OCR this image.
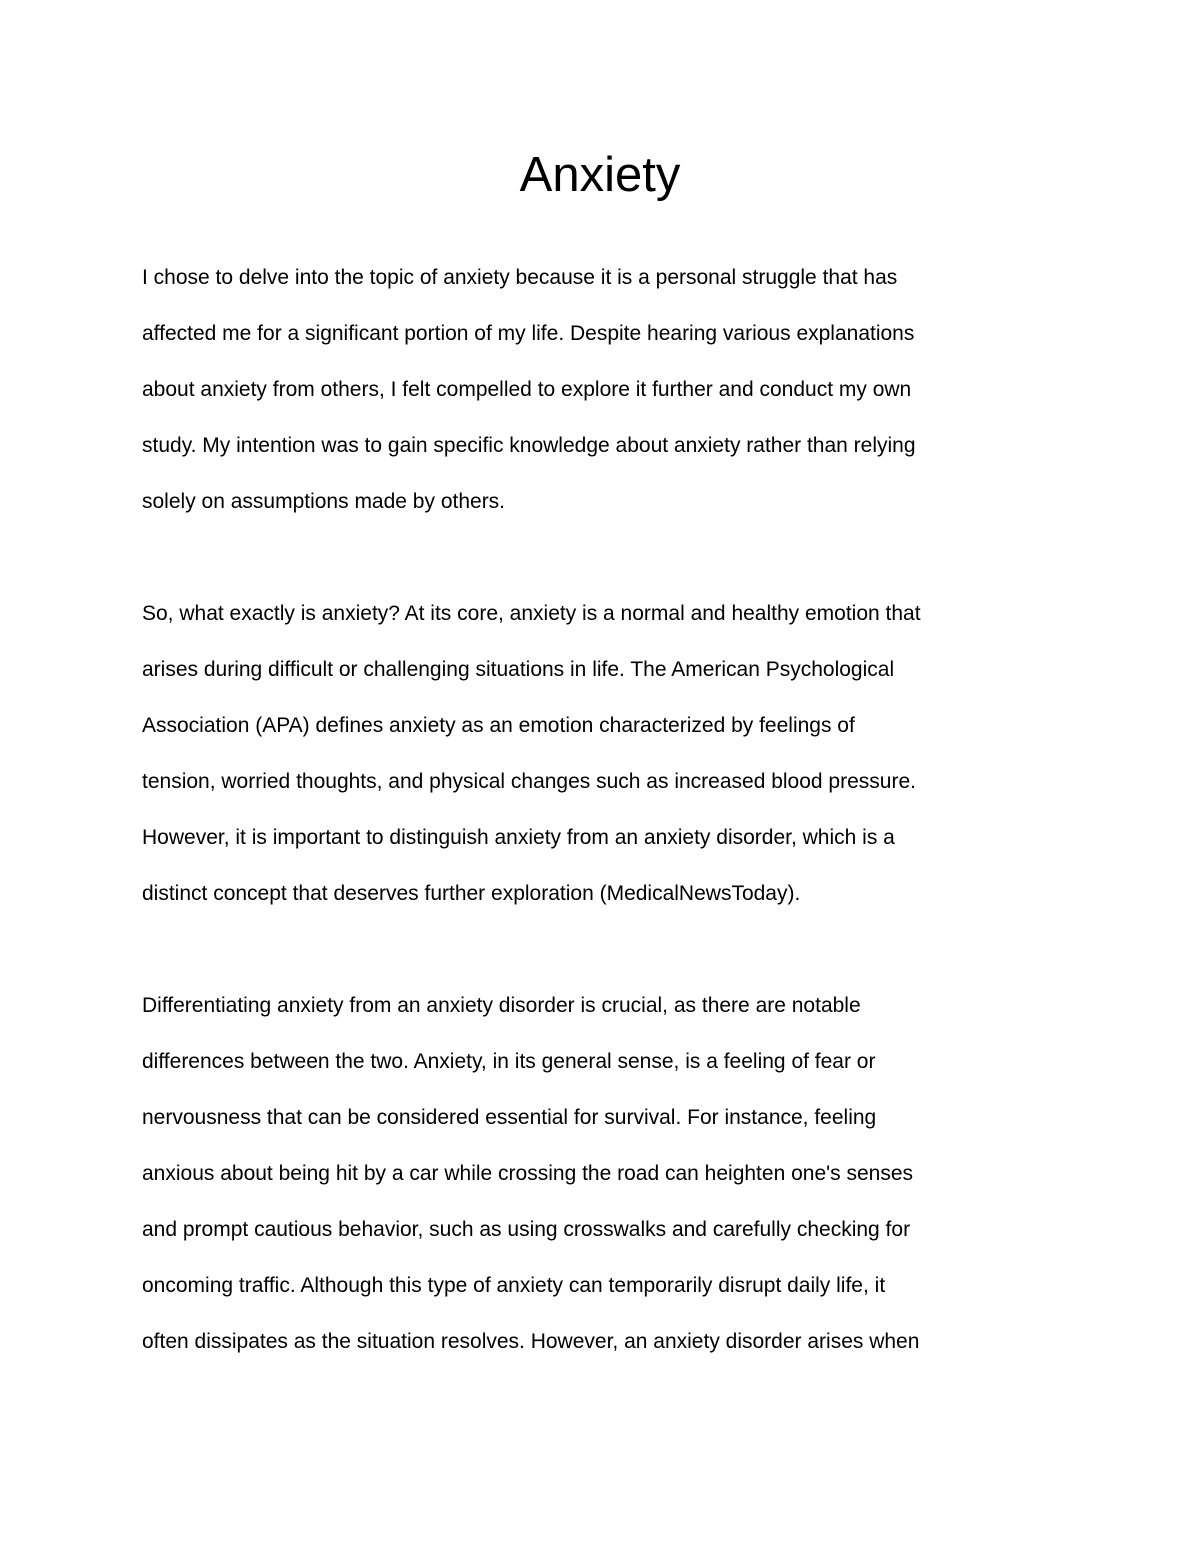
Anxiety
I chose to delve into the topic of anxiety because it is a personal struggle that has
affected me for a significant portion of my life. Despite hearing various explanations
about anxiety from others, I felt compelled to explore it further and conduct my own
study. My intention was to gain specific knowledge about anxiety rather than relying
solely on assumptions made by others.
So, what exactly is anxiety? At its core, anxiety is a normal and healthy emotion that
arises during difficult or challenging situations in life. The American Psychological
Association (APA) defines anxiety as an emotion characterized by feelings of
tension, worried thoughts, and physical changes such as increased blood pressure.
However, it is important to distinguish anxiety from an anxiety disorder, which is a
distinct concept that deserves further exploration (MedicalNewsToday).
Differentiating anxiety from an anxiety disorder is crucial, as there are notable
differences between the two. Anxiety, in its general sense, is a feeling of fear or
nervousness that can be considered essential for survival. For instance, feeling
anxious about being hit by a car while crossing the road can heighten one's senses
and prompt cautious behavior, such as using crosswalks and carefully checking for
oncoming traffic. Although this type of anxiety can temporarily disrupt daily life, it
often dissipates as the situation resolves. However, an anxiety disorder arises when
